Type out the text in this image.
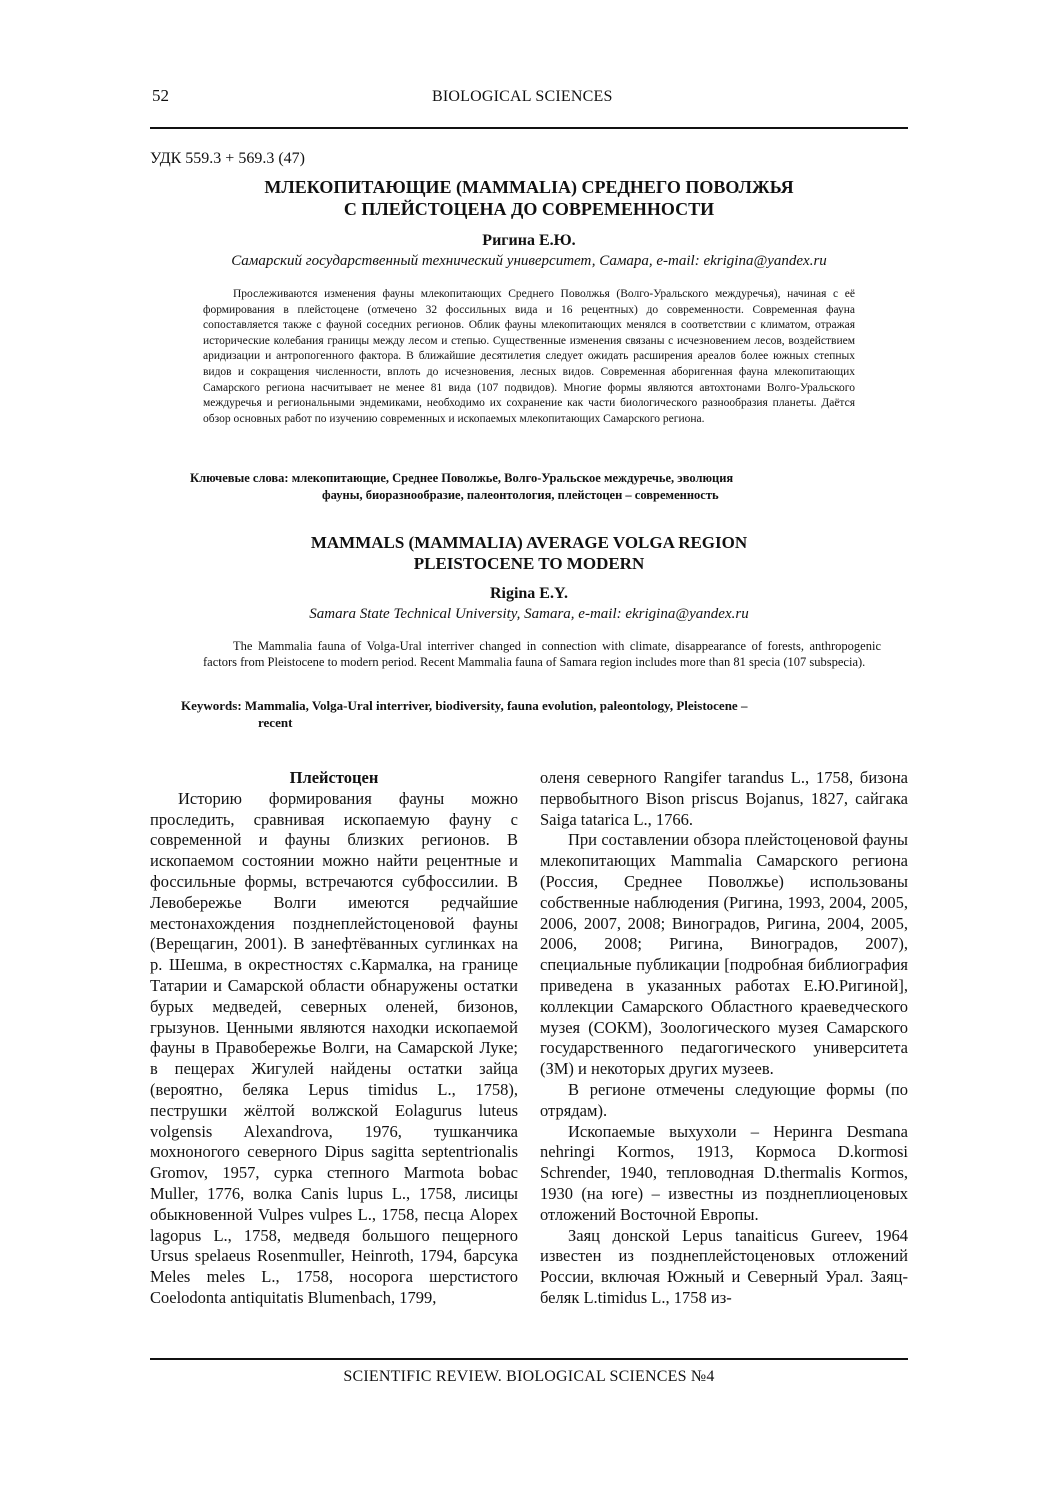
52	BIOLOGICAL SCIENCES
УДК 559.3 + 569.3 (47)
МЛЕКОПИТАЮЩИЕ (MAMMALIA) СРЕДНЕГО ПОВОЛЖЬЯ
С ПЛЕЙСТОЦЕНА ДО СОВРЕМЕННОСТИ
Ригина Е.Ю.
Самарский государственный технический университет, Самара, e-mail: ekrigina@yandex.ru
Прослеживаются изменения фауны млекопитающих Среднего Поволжья (Волго-Уральского междуречья), начиная с её формирования в плейстоцене (отмечено 32 фоссильных вида и 16 рецентных) до современности. Современная фауна сопоставляется также с фауной соседних регионов. Облик фауны млекопитающих менялся в соответствии с климатом, отражая исторические колебания границы между лесом и степью. Существенные изменения связаны с исчезновением лесов, воздействием аридизации и антропогенного фактора. В ближайшие десятилетия следует ожидать расширения ареалов более южных степных видов и сокращения численности, вплоть до исчезновения, лесных видов. Современная аборигенная фауна млекопитающих Самарского региона насчитывает не менее 81 вида (107 подвидов). Многие формы являются автохтонами Волго-Уральского междуречья и региональными эндемиками, необходимо их сохранение как части биологического разнообразия планеты. Даётся обзор основных работ по изучению современных и ископаемых млекопитающих Самарского региона.
Ключевые слова: млекопитающие, Среднее Поволжье, Волго-Уральское междуречье, эволюция
фауны, биоразнообразие, палеонтология, плейстоцен – современность
MAMMALS (MAMMALIA) AVERAGE VOLGA REGION
PLEISTOCENE TO MODERN
Rigina E.Y.
Samara State Technical University, Samara, e-mail: ekrigina@yandex.ru
The Mammalia fauna of Volga-Ural interriver changed in connection with climate, disappearance of forests, anthropogenic factors from Pleistocene to modern period. Recent Mammalia fauna of Samara region includes more than 81 specia (107 subspecia).
Keywords: Mammalia, Volga-Ural interriver, biodiversity, fauna evolution, paleontology, Pleistocene –
recent
Плейстоцен

Историю формирования фауны можно проследить, сравнивая ископаемую фауну с современной и фауны близких регионов. В ископаемом состоянии можно найти рецентные и фоссильные формы, встречаются субфоссилии. В Левобережье Волги имеются редчайшие местонахождения позднеплейстоценовой фауны (Верещагин, 2001). В занефтёванных суглинках на р. Шешма, в окрестностях с.Кармалка, на границе Татарии и Самарской области обнаружены остатки бурых медведей, северных оленей, бизонов, грызунов. Ценными являются находки ископаемой фауны в Правобережье Волги, на Самарской Луке; в пещерах Жигулей найдены остатки зайца (вероятно, беляка Lepus timidus L., 1758), пеструшки жёлтой волжской Eolagurus luteus volgensis Alexandrova, 1976, тушканчика мохноногого северного Dipus sagitta septentrionalis Gromov, 1957, сурка степного Marmota bobac Muller, 1776, волка Canis lupus L., 1758, лисицы обыкновенной Vulpes vulpes L., 1758, песца Alopex lagopus L., 1758, медведя большого пещерного Ursus spelaeus Rosenmuller, Heinroth, 1794, барсука Meles meles L., 1758, носорога шерстистого Coelodonta antiquitatis Blumenbach, 1799,

оленя северного Rangifer tarandus L., 1758, бизона первобытного Bison priscus Bojanus, 1827, сайгака Saiga tatarica L., 1766.

При составлении обзора плейстоценовой фауны млекопитающих Mammalia Самарского региона (Россия, Среднее Поволжье) использованы собственные наблюдения (Ригина, 1993, 2004, 2005, 2006, 2007, 2008; Виноградов, Ригина, 2004, 2005, 2006, 2008; Ригина, Виноградов, 2007), специальные публикации [подробная библиография приведена в указанных работах Е.Ю.Ригиной], коллекции Самарского Областного краеведческого музея (СОКМ), Зоологического музея Самарского государственного педагогического университета (ЗМ) и некоторых других музеев.

В регионе отмечены следующие формы (по отрядам).

Ископаемые выхухоли – Неринга Desmana nehringi Kormos, 1913, Кормоса D.kormosi Schrender, 1940, тепловодная D.thermalis Kormos, 1930 (на юге) – известны из позднеплиоценовых отложений Восточной Европы.

Заяц донской Lepus tanaiticus Gureev, 1964 известен из позднеплейстоценовых отложений России, включая Южный и Северный Урал. Заяц-беляк L.timidus L., 1758 из-

SCIENTIFIC REVIEW. BIOLOGICAL SCIENCES №4
